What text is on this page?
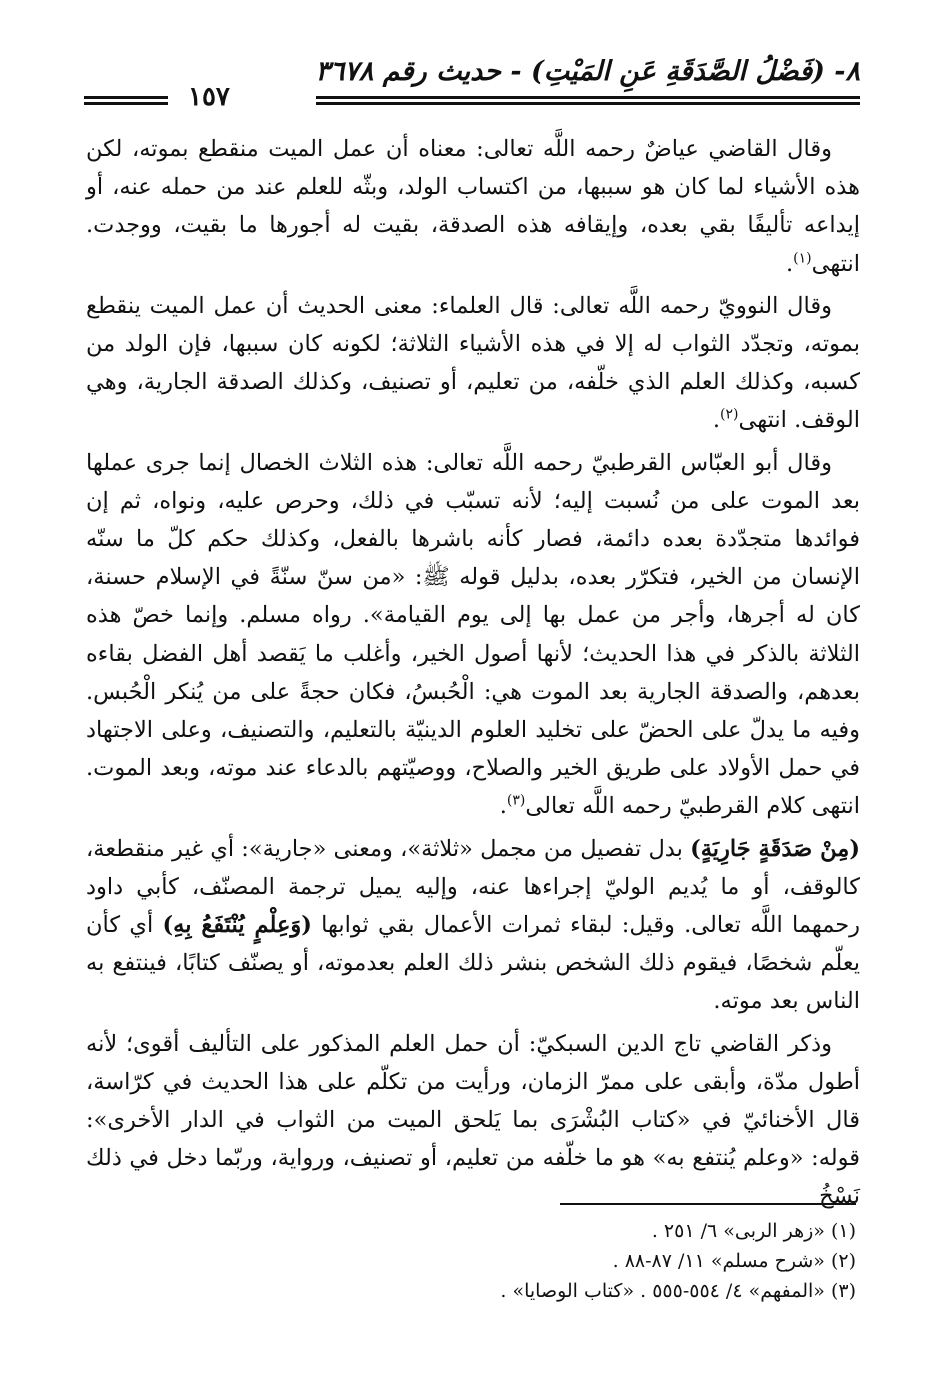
٨- (فَضْلُ الصَّدَقَةِ عَنِ المَيْتِ) - حديث رقم ٣٦٧٨
١٥٧

وقال القاضي عياضٌ رحمه اللَّه تعالى: معناه أن عمل الميت منقطع بموته، لكن هذه الأشياء لما كان هو سببها، من اكتساب الولد، وبثّه للعلم عند من حمله عنه، أو إيداعه تأليفًا بقي بعده، وإيقافه هذه الصدقة، بقيت له أجورها ما بقيت، ووجدت. انتهى$^{(١)}$.

وقال النوويّ رحمه اللَّه تعالى: قال العلماء: معنى الحديث أن عمل الميت ينقطع بموته، وتجدّد الثواب له إلا في هذه الأشياء الثلاثة؛ لكونه كان سببها، فإن الولد من كسبه، وكذلك العلم الذي خلّفه، من تعليم، أو تصنيف، وكذلك الصدقة الجارية، وهي الوقف. انتهى$^{(٢)}$.

وقال أبو العبّاس القرطبيّ رحمه اللَّه تعالى: هذه الثلاث الخصال إنما جرى عملها بعد الموت على من نُسبت إليه؛ لأنه تسبّب في ذلك، وحرص عليه، ونواه، ثم إن فوائدها متجدّدة بعده دائمة، فصار كأنه باشرها بالفعل، وكذلك حكم كلّ ما سنّه الإنسان من الخير، فتكرّر بعده، بدليل قوله ﷺ: «من سنّ سنّةً في الإسلام حسنة، كان له أجرها، وأجر من عمل بها إلى يوم القيامة». رواه مسلم. وإنما خصّ هذه الثلاثة بالذكر في هذا الحديث؛ لأنها أصول الخير، وأغلب ما يَقصد أهل الفضل بقاءه بعدهم، والصدقة الجارية بعد الموت هي: الْحُبسُ، فكان حجةً على من يُنكر الْحُبس. وفيه ما يدلّ على الحضّ على تخليد العلوم الدينيّة بالتعليم، والتصنيف، وعلى الاجتهاد في حمل الأولاد على طريق الخير والصلاح، ووصيّتهم بالدعاء عند موته، وبعد الموت. انتهى كلام القرطبيّ رحمه اللَّه تعالى$^{(٣)}$.

(مِنْ صَدَقَةٍ جَارِيَةٍ) بدل تفصيل من مجمل «ثلاثة»، ومعنى «جارية»: أي غير منقطعة، كالوقف، أو ما يُديم الوليّ إجراءها عنه، وإليه يميل ترجمة المصنّف، كأبي داود رحمهما اللَّه تعالى. وقيل: لبقاء ثمرات الأعمال بقي ثوابها (وَعِلْمٍ يُنْتَفَعُ بِهِ) أي كأن يعلّم شخصًا، فيقوم ذلك الشخص بنشر ذلك العلم بعدموته، أو يصنّف كتابًا، فينتفع به الناس بعد موته.

وذكر القاضي تاج الدين السبكيّ: أن حمل العلم المذكور على التأليف أقوى؛ لأنه أطول مدّة، وأبقى على ممرّ الزمان، ورأيت من تكلّم على هذا الحديث في كرّاسة، قال الأخنائيّ في «كتاب البُشْرَى بما يَلحق الميت من الثواب في الدار الأخرى»: قوله: «وعلم يُنتفع به» هو ما خلّفه من تعليم، أو تصنيف، ورواية، وربّما دخل في ذلك نَسْخُ

(١) «زهر الربى» ٦/ ٢٥١ .
(٢) «شرح مسلم» ١١/ ٨٧-٨٨ .
(٣) «المفهم» ٤/ ٥٥٤-٥٥٥ . «كتاب الوصايا» .
